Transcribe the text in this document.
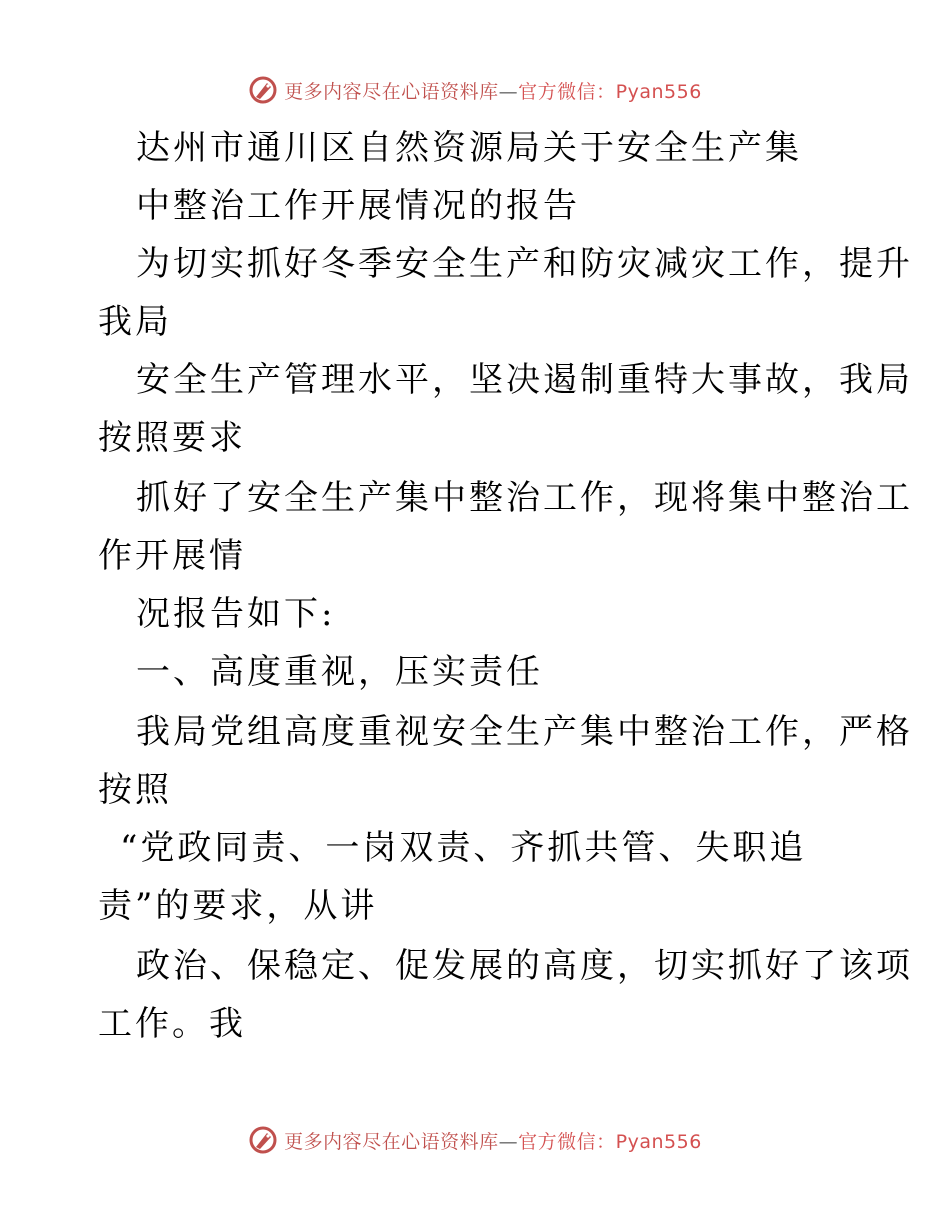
更多内容尽在心语资料库—官方微信：Pyan556
达州市通川区自然资源局关于安全生产集
中整治工作开展情况的报告
为切实抓好冬季安全生产和防灾减灾工作，提升
我局
安全生产管理水平，坚决遏制重特大事故，我局
按照要求
抓好了安全生产集中整治工作，现将集中整治工
作开展情
况报告如下:
一、高度重视，压实责任
我局党组高度重视安全生产集中整治工作，严格
按照
“党政同责、一岗双责、齐抓共管、失职追
责”的要求，从讲
政治、保稳定、促发展的高度，切实抓好了该项
工作。我
更多内容尽在心语资料库—官方微信：Pyan556
